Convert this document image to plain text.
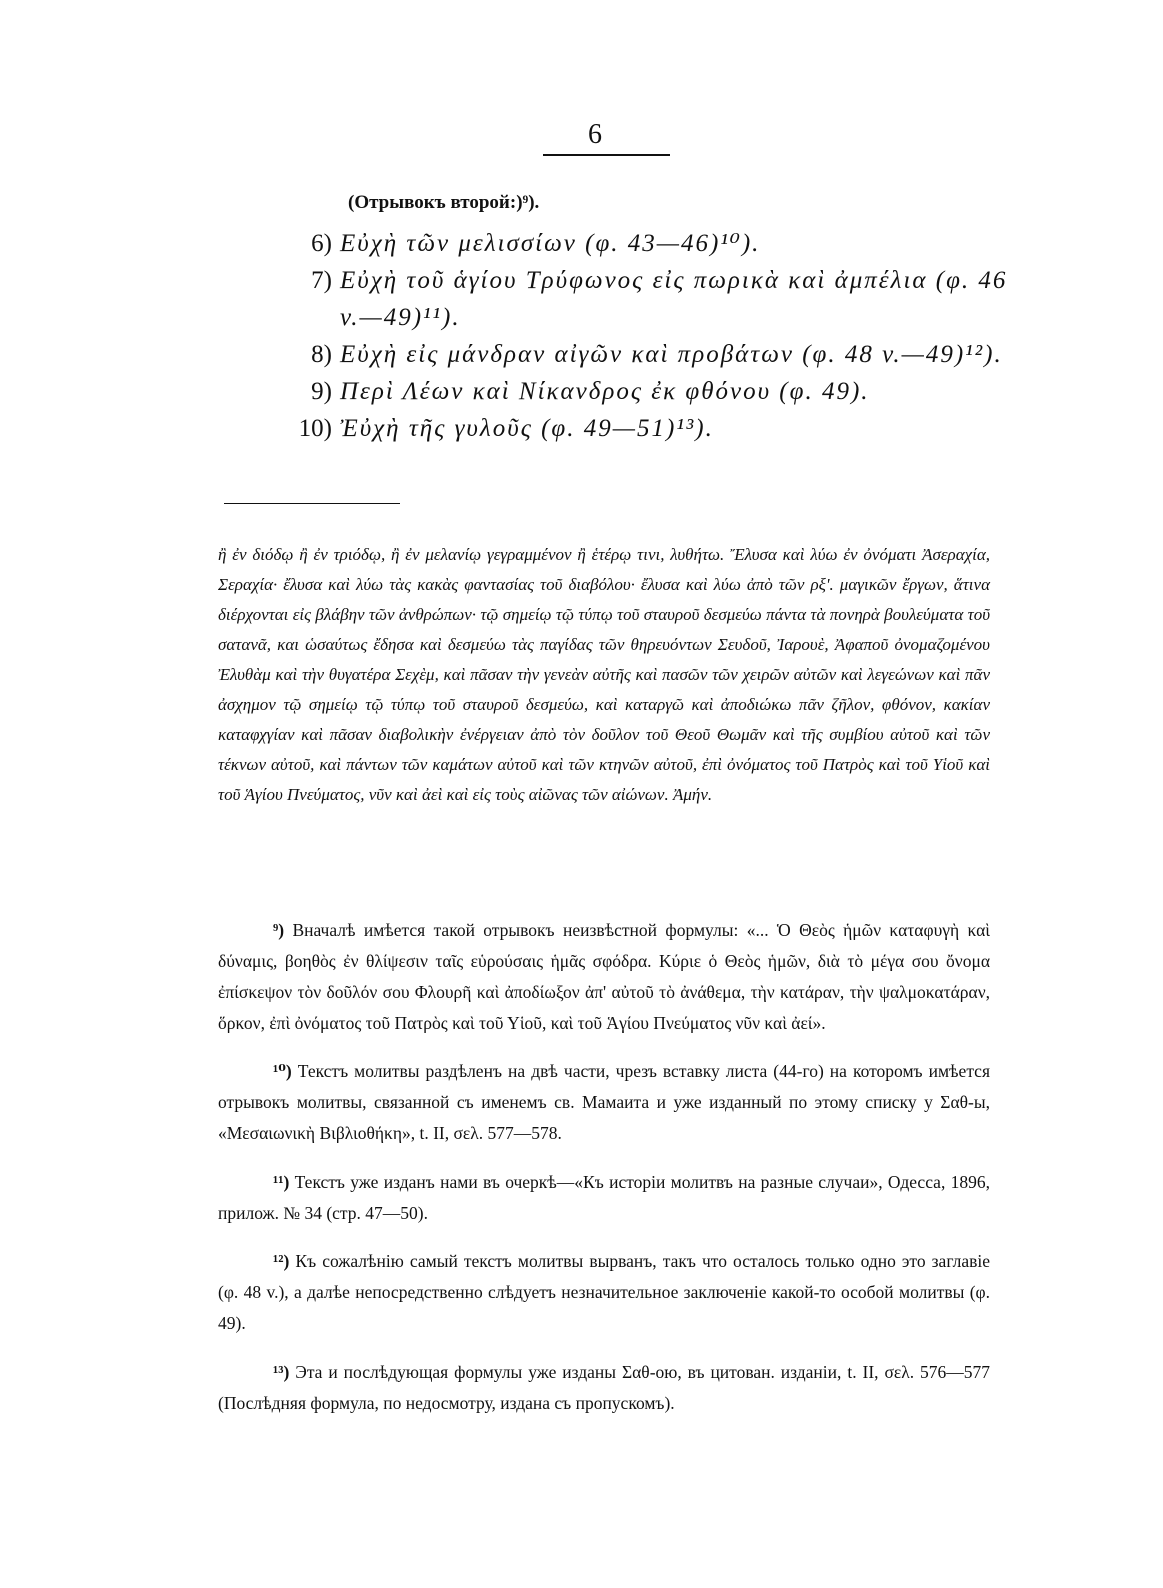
6
(Отрывокъ второй:)⁹).
6) Εὐχὴ τῶν μελισσίων (φ. 43—46)¹⁰).
7) Εὐχὴ τοῦ ἁγίου Τρύφωνος εἰς πωρικὰ καὶ ἀμπέλια (φ. 46 v.—49)¹¹).
8) Εὐχὴ εἰς μάνδραν αἰγῶν καὶ προβάτων (φ. 48 v.—49)¹²).
9) Περὶ Λέων καὶ Νίκανδρος ἐκ φθόνου (φ. 49).
10) Ἐὐχὴ τῆς γυλοῦς (φ. 49—51)¹³).
ἢ ἐν διόδῳ ἢ ἐν τριόδῳ, ἢ ἐν μελανίῳ γεγραμμένον ἢ ἑτέρῳ τινι, λυθήτω. Ἔλυσα καὶ λύω ἐν ὀνόματι Ἀσεραχία, Σεραχία· ἔλυσα καὶ λύω τὰς κακὰς φαντασίας τοῦ διαβόλου· ἔλυσα καὶ λύω ἀπὸ τῶν ρξʹ. μαγικῶν ἔργων, ἅτινα διέρχονται εἰς βλάβην τῶν ἀνθρώπων· τῷ σημείῳ τῷ τύπῳ τοῦ σταυροῦ δεσμεύω πάντα τὰ πονηρὰ βουλεύματα τοῦ σατανᾶ, και ὡσαύτως ἔδησα καὶ δεσμεύω τὰς παγίδας τῶν θηρευόντων Σευδοῦ, Ἰαρουὲ, Ἀφαποῦ ὀνομαζομένου Ἐλυθὰμ καὶ τὴν θυγατέρα Σεχὲμ, καὶ πᾶσαν τὴν γενεὰν αὐτῆς καὶ πασῶν τῶν χειρῶν αὐτῶν καὶ λεγεώνων καὶ πᾶν ἀσχημον τῷ σημείῳ τῷ τύπῳ τοῦ σταυροῦ δεσμεύω, καὶ καταργῶ καὶ ἀποδιώκω πᾶν ζῆλον, φθόνον, κακίαν καταφχγίαν καὶ πᾶσαν διαβολικὴν ἐνέργειαν ἀπὸ τὸν δοῦλον τοῦ Θεοῦ Θωμᾶν καὶ τῆς συμβίου αὐτοῦ καὶ τῶν τέκνων αὐτοῦ, καὶ πάντων τῶν καμάτων αὐτοῦ καὶ τῶν κτηνῶν αὐτοῦ, ἐπὶ ὀνόματος τοῦ Πατρὸς καὶ τοῦ Υἱοῦ καὶ τοῦ Ἁγίου Πνεύματος, νῦν καὶ ἀεὶ καὶ εἰς τοὺς αἰῶνας τῶν αἰώνων. Ἀμήν.

⁹) Вначалѣ имѣется такой отрывокъ неизвѣстной формулы: «... Ὁ Θεὸς ἡμῶν καταφυγὴ καὶ δύναμις, βοηθὸς ἐν θλίψεσιν ταῖς εὑρούσαις ἡμᾶς σφόδρα. Κύριε ὁ Θεὸς ἡμῶν, διὰ τὸ μέγα σου ὄνομα ἐπίσκεψον τὸν δοῦλόν σου Φλουρῆ καὶ ἀποδίωξον ἀπ' αὐτοῦ τὸ ἀνάθεμα, τὴν κατάραν, τὴν ψαλμοκατάραν, ὅρκον, ἐπὶ ὀνόματος τοῦ Πατρὸς καὶ τοῦ Υἱοῦ, καὶ τοῦ Ἁγίου Πνεύματος νῦν καὶ ἀεί».

¹⁰) Текстъ молитвы раздѣленъ на двѣ части, чрезъ вставку листа (44-го) на которомъ имѣется отрывокъ молитвы, связанной съ именемъ св. Мамаита и уже изданный по этому списку у Σαθ-ы, «Μεσαιωνικὴ Βιβλιοθήκη», t. II, σελ. 577—578.

¹¹) Текстъ уже изданъ нами въ очеркѣ—«Къ исторіи молитвъ на разные случаи», Одесса, 1896, прилож. № 34 (стр. 47—50).

¹²) Къ сожалѣнію самый текстъ молитвы вырванъ, такъ что осталось только одно это заглавіе (φ. 48 v.), а далѣе непосредственно слѣдуетъ незначительное заключеніе какой-то особой молитвы (φ. 49).

¹³) Эта и послѣдующая формулы уже изданы Σαθ-ою, въ цитован. изданіи, t. II, σελ. 576—577 (Послѣдняя формула, по недосмотру, издана съ пропускомъ).
